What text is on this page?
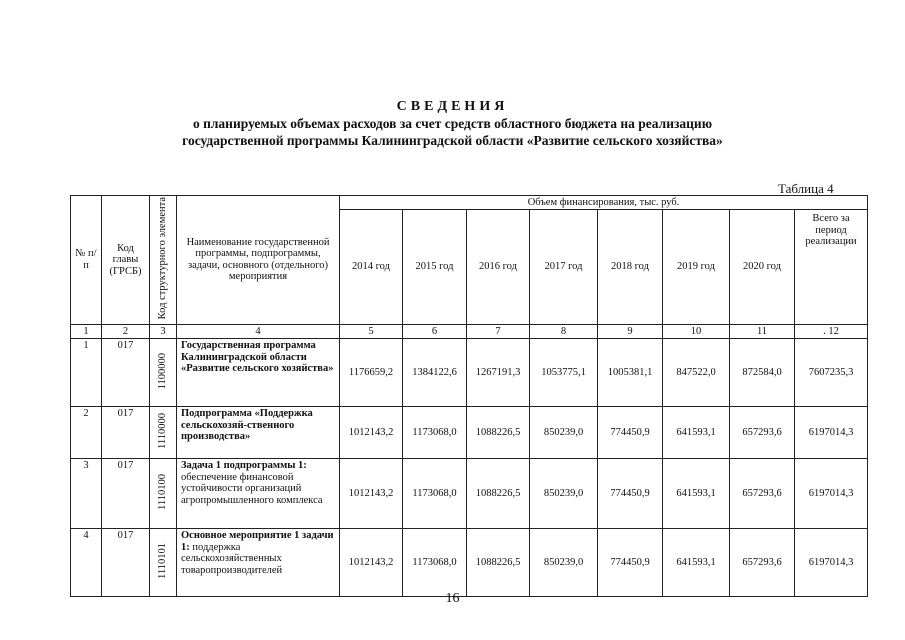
СВЕДЕНИЯ
о планируемых объемах расходов за счет средств областного бюджета на реализацию
государственной программы Калининградской области «Развитие сельского хозяйства»
Таблица 4
№ п/п	Код главы (ГРСБ)	Код структурного элемента	Наименование государственной программы, подпрограммы, задачи, основного (отдельного) мероприятия	Объем финансирования, тыс. руб.							
				2014 год	2015 год	2016 год	2017 год	2018 год	2019 год	2020 год	Всего за период реализации
1	2	3	4	5	6	7	8	9	10	11	. 12
1	017	1100000	Государственная программа Калининградской области «Развитие сельского хозяйства»	1176659,2	1384122,6	1267191,3	1053775,1	1005381,1	847522,0	872584,0	7607235,3
2	017	1110000	Подпрограмма «Поддержка сельскохозяй-ственного производства»	1012143,2	1173068,0	1088226,5	850239,0	774450,9	641593,1	657293,6	6197014,3
3	017	1110100	Задача 1 подпрограммы 1: обеспечение финансовой устойчивости организаций агропромышленного комплекса	1012143,2	1173068,0	1088226,5	850239,0	774450,9	641593,1	657293,6	6197014,3
4	017	1110101	Основное мероприятие 1 задачи 1: поддержка сельскохозяйственных товаропроизводителей	1012143,2	1173068,0	1088226,5	850239,0	774450,9	641593,1	657293,6	6197014,3
16
